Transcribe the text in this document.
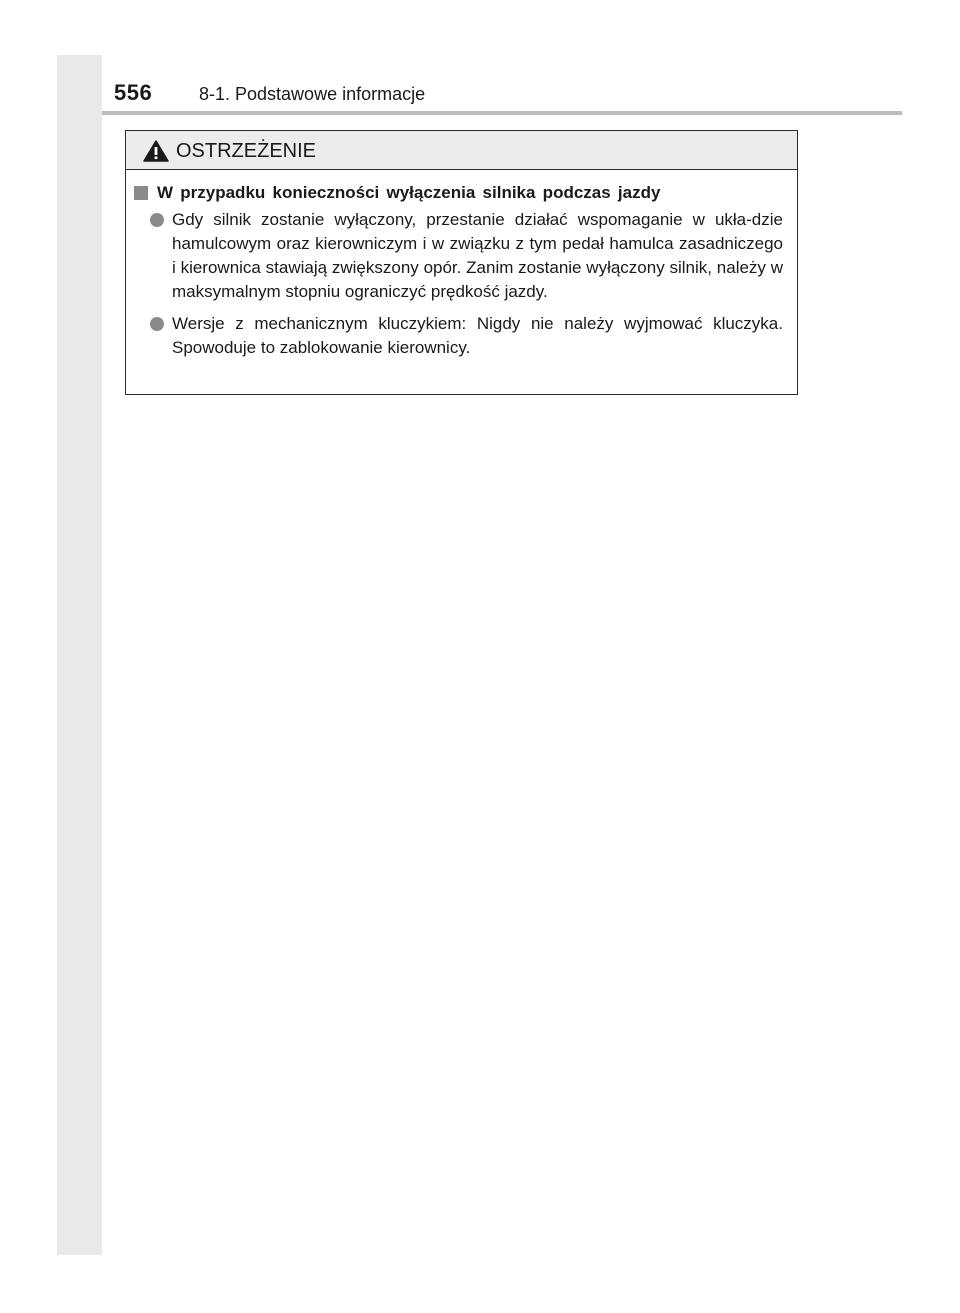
556	8-1. Podstawowe informacje
OSTRZEŻENIE
W przypadku konieczności wyłączenia silnika podczas jazdy
Gdy silnik zostanie wyłączony, przestanie działać wspomaganie w ukła-dzie hamulcowym oraz kierowniczym i w związku z tym pedał hamulca zasadniczego i kierownica stawiają zwiększony opór. Zanim zostanie wyłączony silnik, należy w maksymalnym stopniu ograniczyć prędkość jazdy.
Wersje z mechanicznym kluczykiem: Nigdy nie należy wyjmować kluczyka. Spowoduje to zablokowanie kierownicy.
